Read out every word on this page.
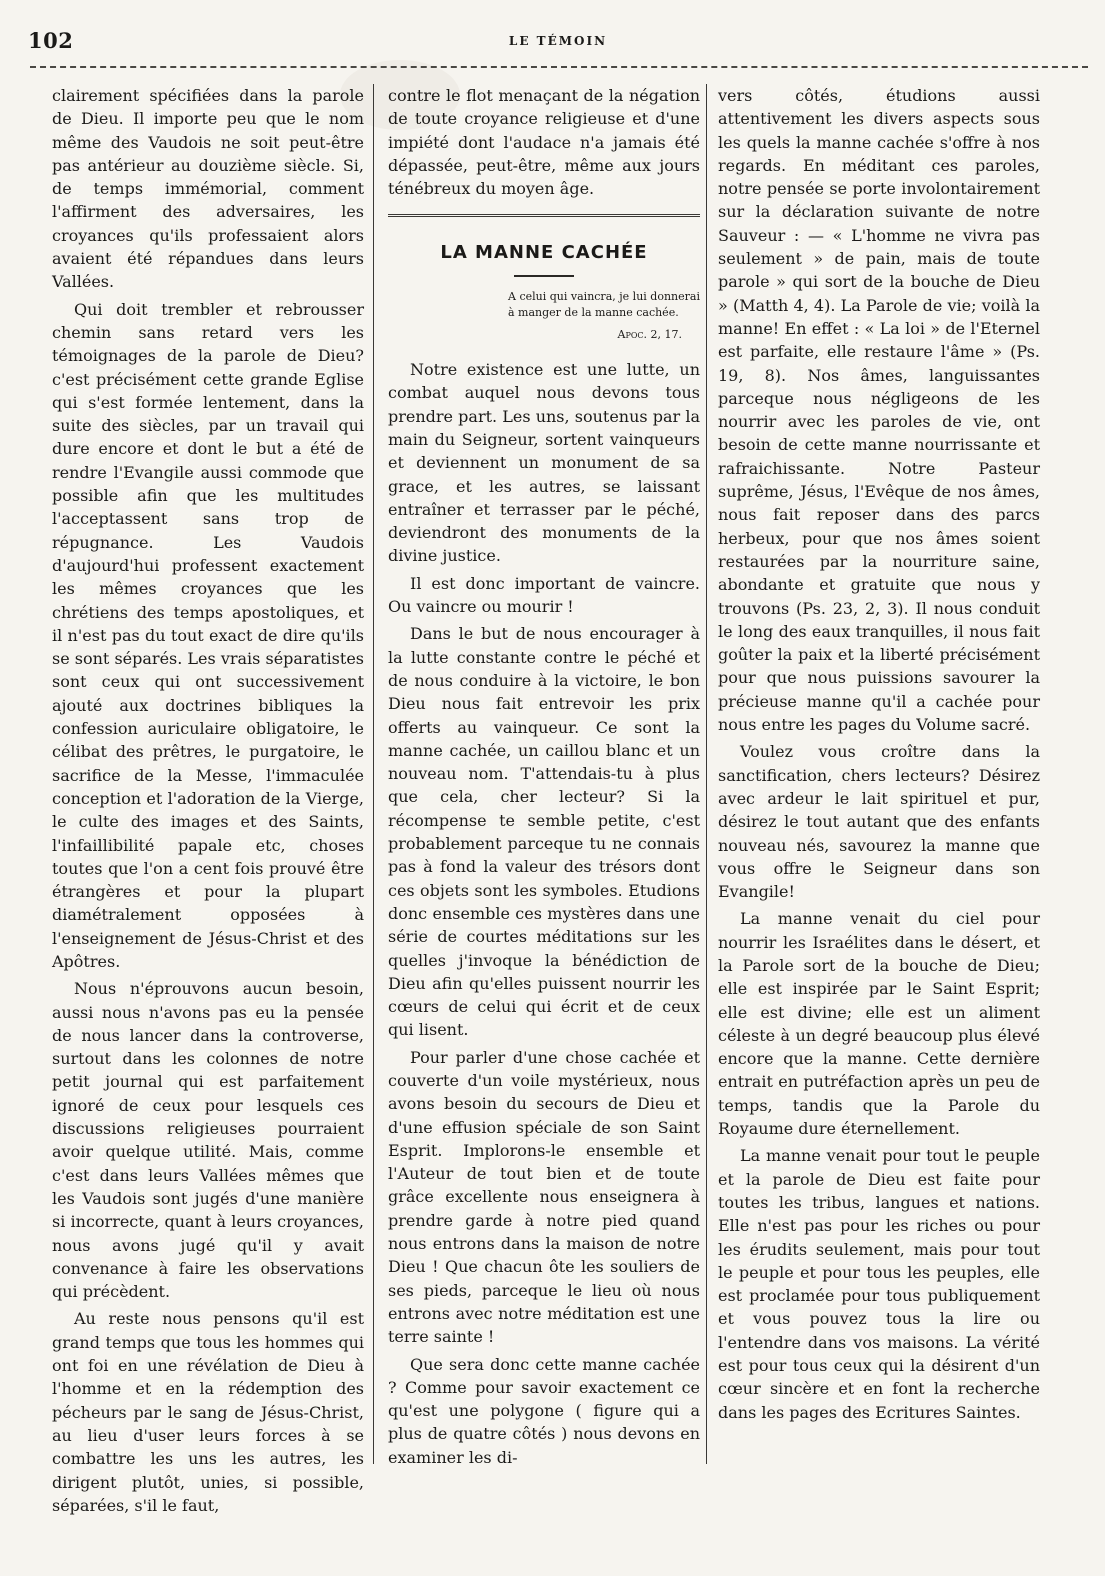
102	LE TÉMOIN

clairement spécifiées dans la parole de Dieu. Il importe peu que le nom même des Vaudois ne soit peut-être pas antérieur au douzième siècle. Si, de temps immémorial, comment l'affirment des adversaires, les croyances qu'ils professaient alors avaient été répandues dans leurs Vallées.

Qui doit trembler et rebrousser chemin sans retard vers les témoignages de la parole de Dieu? c'est précisément cette grande Eglise qui s'est formée lentement, dans la suite des siècles, par un travail qui dure encore et dont le but a été de rendre l'Evangile aussi commode que possible afin que les multitudes l'acceptassent sans trop de répugnance. Les Vaudois d'aujourd'hui professent exactement les mêmes croyances que les chrétiens des temps apostoliques, et il n'est pas du tout exact de dire qu'ils se sont séparés. Les vrais séparatistes sont ceux qui ont successivement ajouté aux doctrines bibliques la confession auriculaire obligatoire, le célibat des prêtres, le purgatoire, le sacrifice de la Messe, l'immaculée conception et l'adoration de la Vierge, le culte des images et des Saints, l'infaillibilité papale etc, choses toutes que l'on a cent fois prouvé être étrangères et pour la plupart diamétralement opposées à l'enseignement de Jésus-Christ et des Apôtres.

Nous n'éprouvons aucun besoin, aussi nous n'avons pas eu la pensée de nous lancer dans la controverse, surtout dans les colonnes de notre petit journal qui est parfaitement ignoré de ceux pour lesquels ces discussions religieuses pourraient avoir quelque utilité. Mais, comme c'est dans leurs Vallées mêmes que les Vaudois sont jugés d'une manière si incorrecte, quant à leurs croyances, nous avons jugé qu'il y avait convenance à faire les observations qui précèdent.

Au reste nous pensons qu'il est grand temps que tous les hommes qui ont foi en une révélation de Dieu à l'homme et en la rédemption des pécheurs par le sang de Jésus-Christ, au lieu d'user leurs forces à se combattre les uns les autres, les dirigent plutôt, unies, si possible, séparées, s'il le faut,

contre le flot menaçant de la négation de toute croyance religieuse et d'une impiété dont l'audace n'a jamais été dépassée, peut-être, même aux jours ténébreux du moyen âge.

LA MANNE CACHÉE
A celui qui vaincra, je lui donnerai à manger de la manne cachée.
Apoc. 2, 17.

Notre existence est une lutte, un combat auquel nous devons tous prendre part. Les uns, soutenus par la main du Seigneur, sortent vainqueurs et deviennent un monument de sa grace, et les autres, se laissant entraîner et terrasser par le péché, deviendront des monuments de la divine justice.

Il est donc important de vaincre. Ou vaincre ou mourir !

Dans le but de nous encourager à la lutte constante contre le péché et de nous conduire à la victoire, le bon Dieu nous fait entrevoir les prix offerts au vainqueur. Ce sont la manne cachée, un caillou blanc et un nouveau nom. T'attendais-tu à plus que cela, cher lecteur? Si la récompense te semble petite, c'est probablement parceque tu ne connais pas à fond la valeur des trésors dont ces objets sont les symboles. Etudions donc ensemble ces mystères dans une série de courtes méditations sur les quelles j'invoque la bénédiction de Dieu afin qu'elles puissent nourrir les cœurs de celui qui écrit et de ceux qui lisent.

Pour parler d'une chose cachée et couverte d'un voile mystérieux, nous avons besoin du secours de Dieu et d'une effusion spéciale de son Saint Esprit. Implorons-le ensemble et l'Auteur de tout bien et de toute grâce excellente nous enseignera à prendre garde à notre pied quand nous entrons dans la maison de notre Dieu ! Que chacun ôte les souliers de ses pieds, parceque le lieu où nous entrons avec notre méditation est une terre sainte !

Que sera donc cette manne cachée ? Comme pour savoir exactement ce qu'est une polygone ( figure qui a plus de quatre côtés ) nous devons en examiner les di-

vers côtés, étudions aussi attentivement les divers aspects sous les quels la manne cachée s'offre à nos regards. En méditant ces paroles, notre pensée se porte involontairement sur la déclaration suivante de notre Sauveur : — « L'homme ne vivra pas seulement » de pain, mais de toute parole » qui sort de la bouche de Dieu » (Matth 4, 4). La Parole de vie; voilà la manne! En effet : « La loi » de l'Eternel est parfaite, elle restaure l'âme » (Ps. 19, 8). Nos âmes, languissantes parceque nous négligeons de les nourrir avec les paroles de vie, ont besoin de cette manne nourrissante et rafraichissante. Notre Pasteur suprême, Jésus, l'Evêque de nos âmes, nous fait reposer dans des parcs herbeux, pour que nos âmes soient restaurées par la nourriture saine, abondante et gratuite que nous y trouvons (Ps. 23, 2, 3). Il nous conduit le long des eaux tranquilles, il nous fait goûter la paix et la liberté précisément pour que nous puissions savourer la précieuse manne qu'il a cachée pour nous entre les pages du Volume sacré.

Voulez vous croître dans la sanctification, chers lecteurs? Désirez avec ardeur le lait spirituel et pur, désirez le tout autant que des enfants nouveau nés, savourez la manne que vous offre le Seigneur dans son Evangile!

La manne venait du ciel pour nourrir les Israélites dans le désert, et la Parole sort de la bouche de Dieu; elle est inspirée par le Saint Esprit; elle est divine; elle est un aliment céleste à un degré beaucoup plus élevé encore que la manne. Cette dernière entrait en putréfaction après un peu de temps, tandis que la Parole du Royaume dure éternellement.

La manne venait pour tout le peuple et la parole de Dieu est faite pour toutes les tribus, langues et nations. Elle n'est pas pour les riches ou pour les érudits seulement, mais pour tout le peuple et pour tous les peuples, elle est proclamée pour tous publiquement et vous pouvez tous la lire ou l'entendre dans vos maisons. La vérité est pour tous ceux qui la désirent d'un cœur sincère et en font la recherche dans les pages des Ecritures Saintes.
